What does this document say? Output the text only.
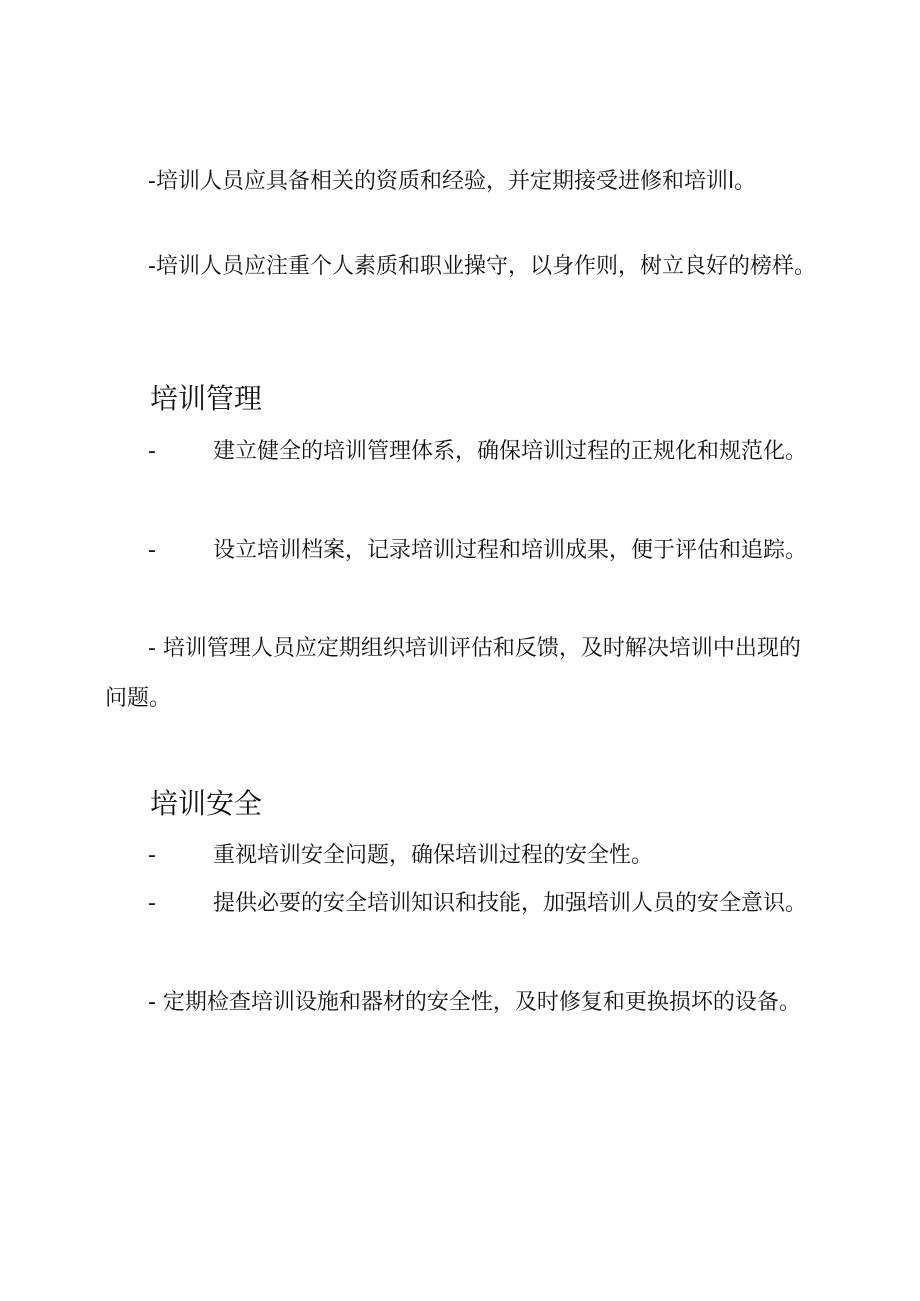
-培训人员应具备相关的资质和经验，并定期接受进修和培训l。

-培训人员应注重个人素质和职业操守，以身作则，树立良好的榜样。

培训管理
-	建立健全的培训管理体系，确保培训过程的正规化和规范化。
-	设立培训档案，记录培训过程和培训成果，便于评估和追踪。

- 培训管理人员应定期组织培训评估和反馈，及时解决培训中出现的问题。

培训安全
-	重视培训安全问题，确保培训过程的安全性。
-	提供必要的安全培训知识和技能，加强培训人员的安全意识。

- 定期检查培训设施和器材的安全性，及时修复和更换损坏的设备。
